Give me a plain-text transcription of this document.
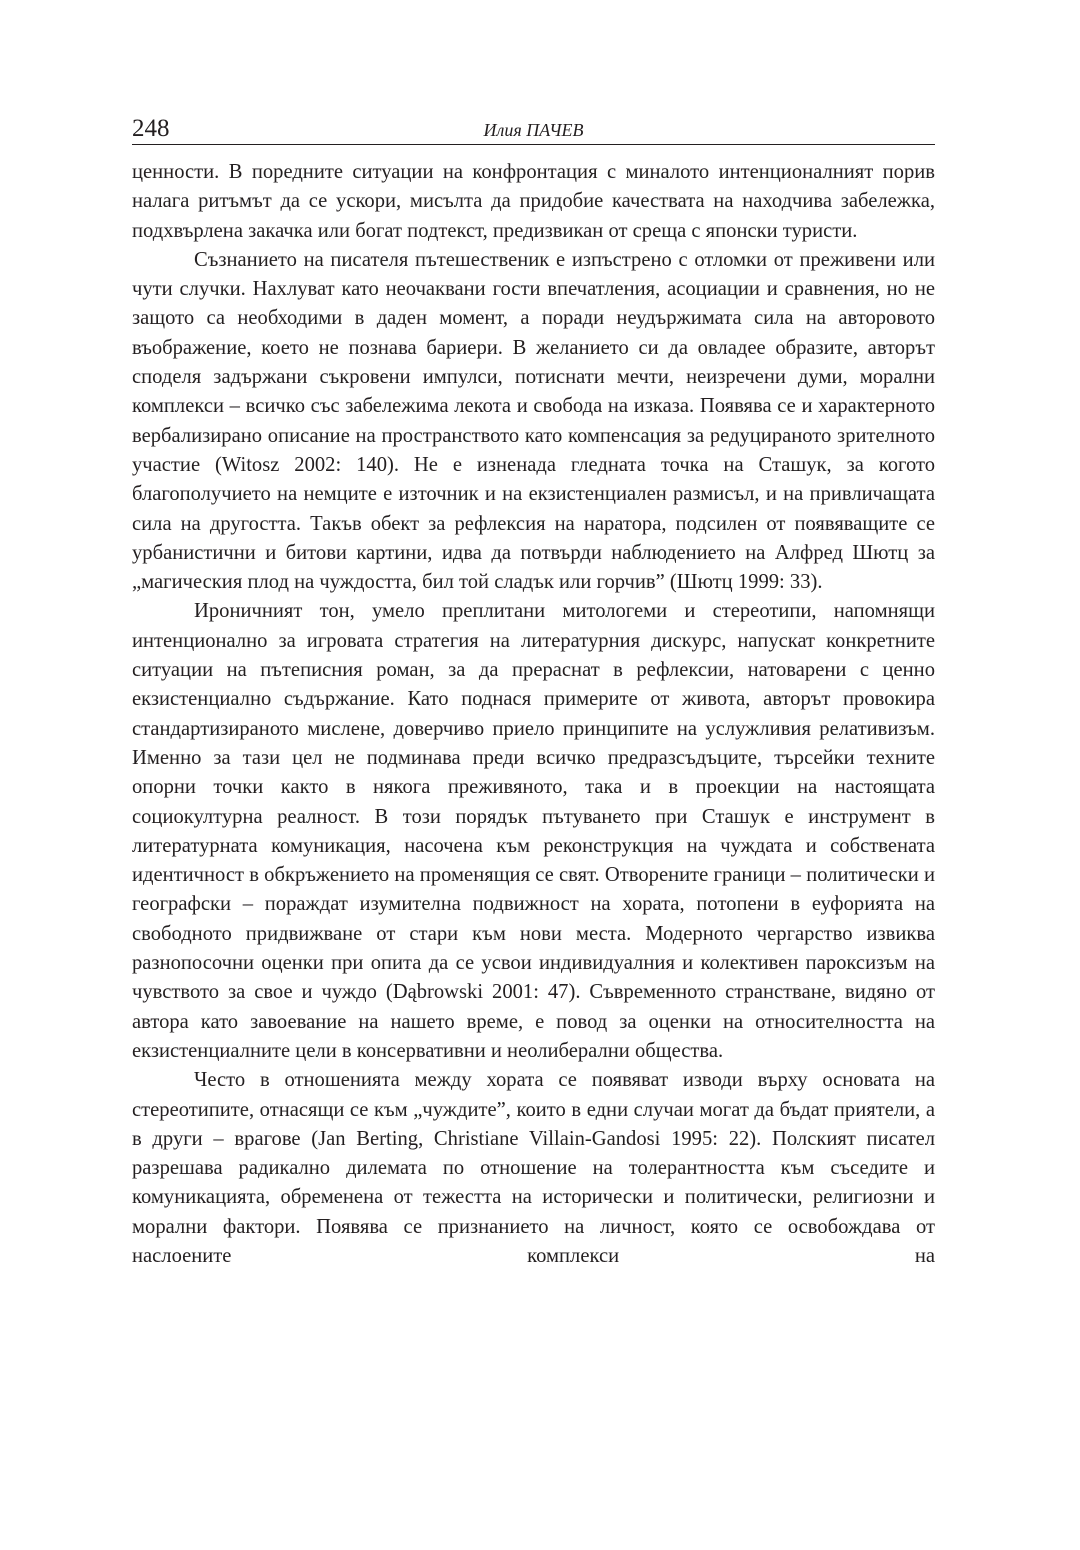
248	Илия ПАЧЕВ

ценности. В поредните ситуации на конфронтация с миналото интенционалният порив налага ритъмът да се ускори, мисълта да придобие качествата на находчива забележка, подхвърлена закачка или богат подтекст, предизвикан от среща с японски туристи.

Съзнанието на писателя пътешественик е изпъстрено с отломки от преживени или чути случки. Нахлуват като неочаквани гости впечатления, асоциации и сравнения, но не защото са необходими в даден момент, а поради неудържимата сила на авторовото въображение, което не познава бариери. В желанието си да овладее образите, авторът споделя задържани съкровени импулси, потиснати мечти, неизречени думи, морални комплекси – всичко със забележима лекота и свобода на изказа. Появява се и характерното вербализирано описание на пространството като компенсация за редуцираното зрителното участие (Witosz 2002: 140). Не е изненада гледната точка на Сташук, за когото благополучието на немците е източник и на екзистенциален размисъл, и на привличащата сила на другостта. Такъв обект за рефлексия на наратора, подсилен от появяващите се урбанистични и битови картини, идва да потвърди наблюдението на Алфред Шютц за „магическия плод на чуждостта, бил той сладък или горчив” (Шютц 1999: 33).

Ироничният тон, умело преплитани митологеми и стереотипи, напомнящи интенционално за игровата стратегия на литературния дискурс, напускат конкретните ситуации на пътеписния роман, за да прераснат в рефлексии, натоварени с ценно екзистенциално съдържание. Като поднася примерите от живота, авторът провокира стандартизираното мислене, доверчиво приело принципите на услужливия релативизъм. Именно за тази цел не подминава преди всичко предразсъдъците, търсейки техните опорни точки както в някога преживяното, така и в проекции на настоящата социокултурна реалност. В този порядък пътуването при Сташук е инструмент в литературната комуникация, насочена към реконструкция на чуждата и собствената идентичност в обкръжението на променящия се свят. Отворените граници – политически и географски – пораждат изумителна подвижност на хората, потопени в еуфорията на свободното придвижване от стари към нови места. Модерното чергарство извиква разнопосочни оценки при опита да се усвои индивидуалния и колективен пароксизъм на чувството за свое и чуждо (Dąbrowski 2001: 47). Съвременното странстване, видяно от автора като завоевание на нашето време, е повод за оценки на относителността на екзистенциалните цели в консервативни и неолиберални общества.

Често в отношенията между хората се появяват изводи върху основата на стереотипите, отнасящи се към „чуждите”, които в едни случаи могат да бъдат приятели, а в други – врагове (Jan Berting, Christiane Villain-Gandosi 1995: 22). Полският писател разрешава радикално дилемата по отношение на толерантността към съседите и комуникацията, обременена от тежестта на исторически и политически, религиозни и морални фактори. Появява се признанието на личност, която се освобождава от наслоените комплекси на
